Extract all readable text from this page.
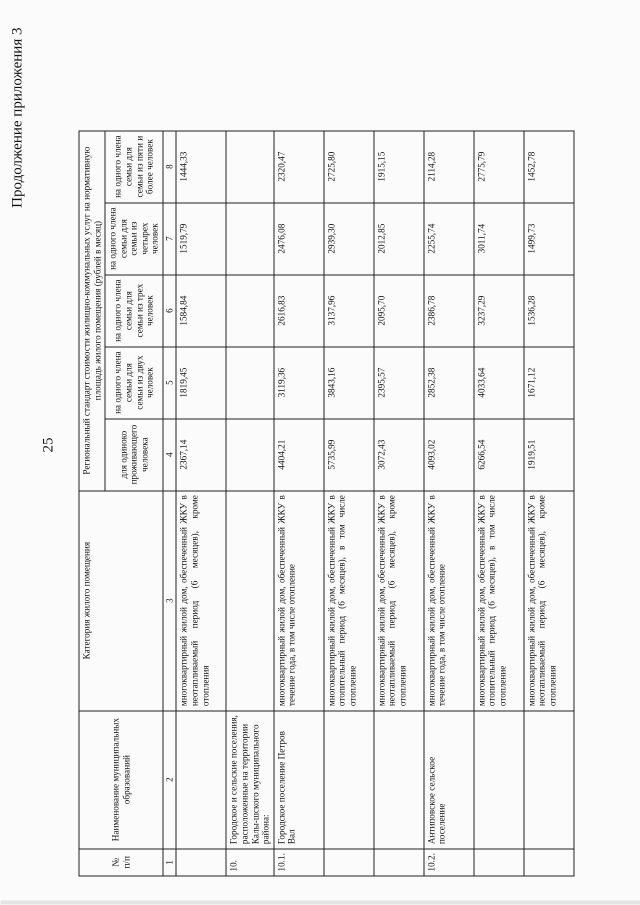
25
Продолжение приложения 3
№ п/п	Наименование муниципальных образований	Категория жилого помещения	Региональный стандарт стоимости жилищно-коммунальных услуг на нормативную площадь жилого помещения (рублей в месяц)				
			для одиноко проживающего человека	на одного члена семьи для семьи из двух человек	на одного члена семьи для семьи из трех человек	на одного члена семьи для семьи из четырех человек	на одного члена семьи для семьи из пяти и более человек
1	2	3	4	5	6	7	8
		многоквартирный жилой дом, обеспеченный ЖКУ в неотапливаемый период (6 месяцев), кроме отопления	2367,14	1819,45	1584,84	1519,79	1444,33
10.	Городское и сельские поселения, расположенные на территории Калы-шского муниципального района:						
10.1.	Городское поселение Петров Вал	многоквартирный жилой дом, обеспеченный ЖКУ в течение года, в том числе отопление	4404,21	3119,36	2616,83	2476,08	2320,47
		многоквартирный жилой дом, обеспеченный ЖКУ в отопительный период (6 месяцев), в том числе отопление	5735,99	3843,16	3137,96	2939,30	2725,80
		многоквартирный жилой дом, обеспеченный ЖКУ в неотапливаемый период (6 месяцев), кроме отопления	3072,43	2395,57	2095,70	2012,85	1915,15
10.2.	Антиповское сельское поселение	многоквартирный жилой дом, обеспеченный ЖКУ в течение года, в том числе отопление	4093,02	2852,38	2386,78	2255,74	2114,28
		многоквартирный жилой дом, обеспеченный ЖКУ в отопительный период (6 месяцев), в том числе отопление	6266,54	4033,64	3237,29	3011,74	2775,79
		многоквартирный жилой дом, обеспеченный ЖКУ в неотапливаемый период (6 месяцев), кроме отопления	1919,51	1671,12	1536,28	1499,73	1452,78
